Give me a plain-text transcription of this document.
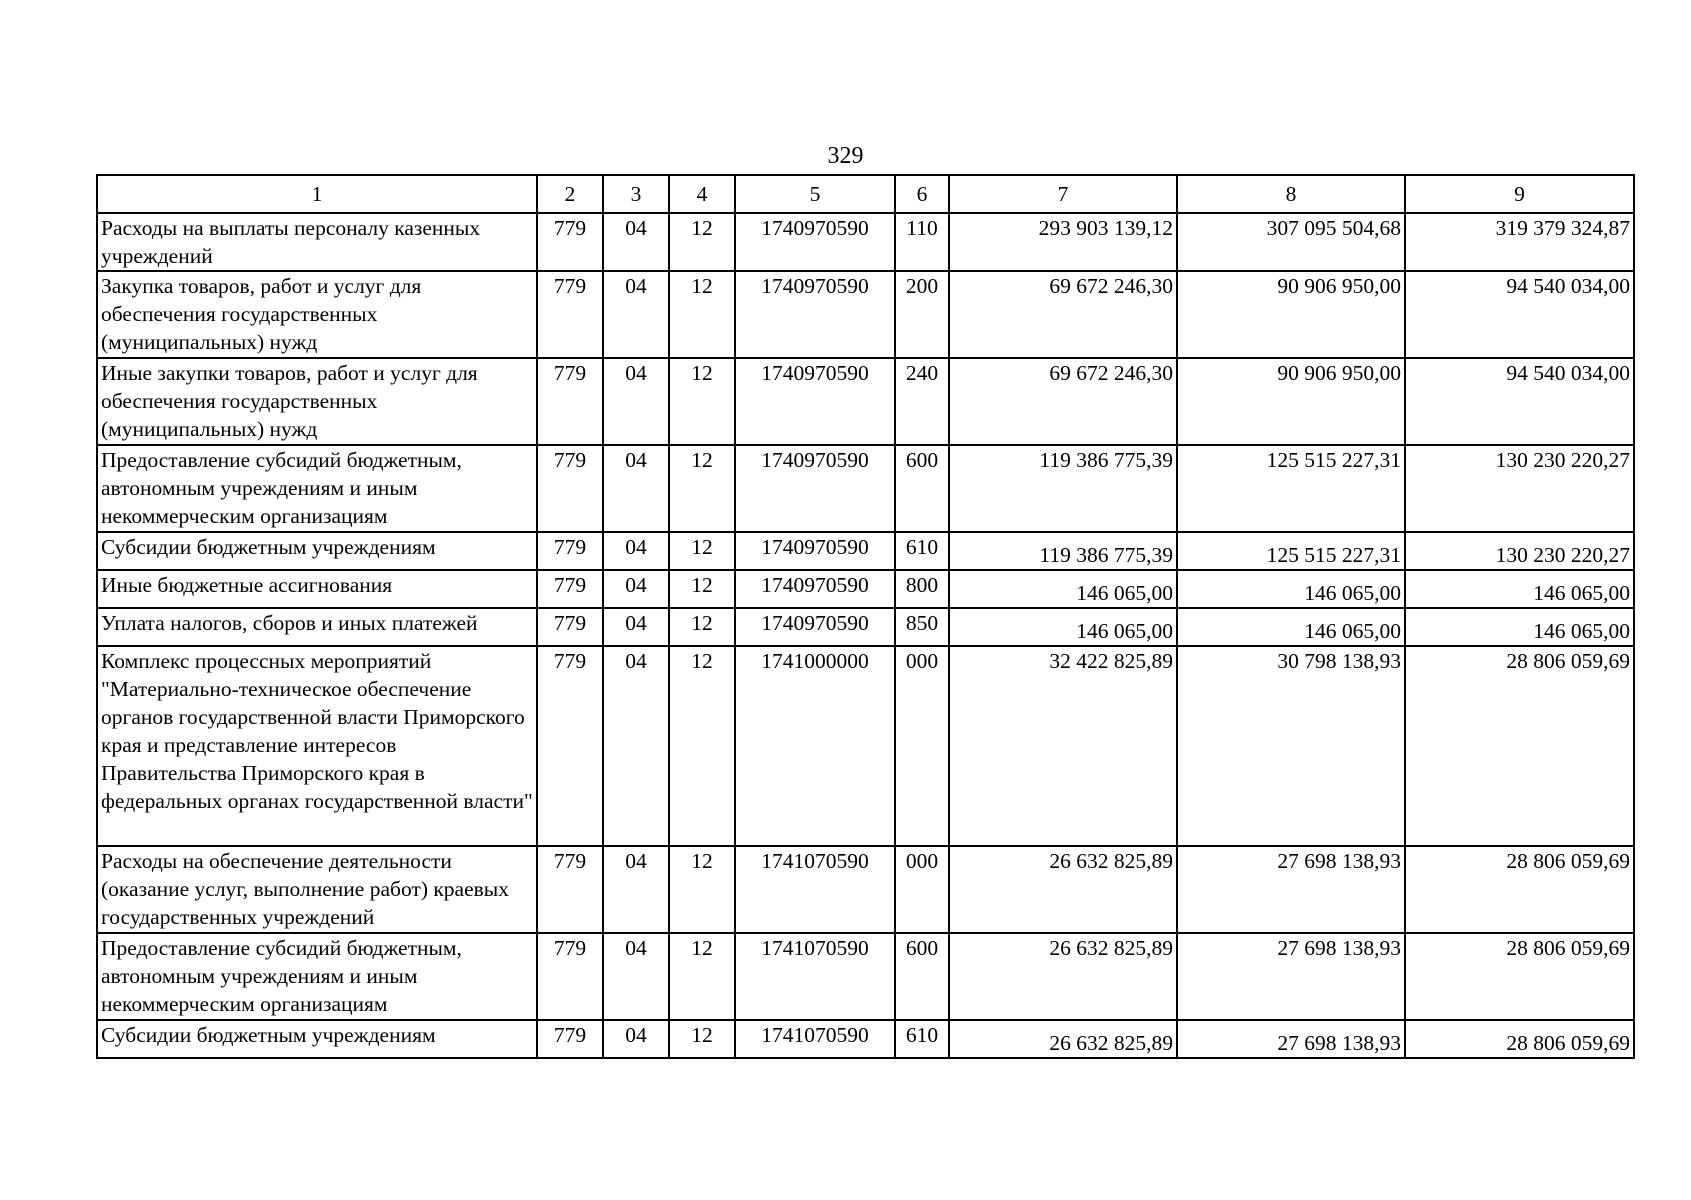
329
1	2	3	4	5	6	7	8	9
Расходы на выплаты персоналу казенных учреждений	779	04	12	1740970590	110	293 903 139,12	307 095 504,68	319 379 324,87
Закупка товаров, работ и услуг для обеспечения государственных (муниципальных) нужд	779	04	12	1740970590	200	69 672 246,30	90 906 950,00	94 540 034,00
Иные закупки товаров, работ и услуг для обеспечения государственных (муниципальных) нужд	779	04	12	1740970590	240	69 672 246,30	90 906 950,00	94 540 034,00
Предоставление субсидий бюджетным, автономным учреждениям и иным некоммерческим организациям	779	04	12	1740970590	600	119 386 775,39	125 515 227,31	130 230 220,27
Субсидии бюджетным учреждениям	779	04	12	1740970590	610	119 386 775,39	125 515 227,31	130 230 220,27
Иные бюджетные ассигнования	779	04	12	1740970590	800	146 065,00	146 065,00	146 065,00
Уплата налогов, сборов и иных платежей	779	04	12	1740970590	850	146 065,00	146 065,00	146 065,00
Комплекс процессных мероприятий "Материально-техническое обеспечение органов государственной власти Приморского края и представление интересов Правительства Приморского края в федеральных органах государственной власти"	779	04	12	1741000000	000	32 422 825,89	30 798 138,93	28 806 059,69
Расходы на обеспечение деятельности (оказание услуг, выполнение работ) краевых государственных учреждений	779	04	12	1741070590	000	26 632 825,89	27 698 138,93	28 806 059,69
Предоставление субсидий бюджетным, автономным учреждениям и иным некоммерческим организациям	779	04	12	1741070590	600	26 632 825,89	27 698 138,93	28 806 059,69
Субсидии бюджетным учреждениям	779	04	12	1741070590	610	26 632 825,89	27 698 138,93	28 806 059,69
